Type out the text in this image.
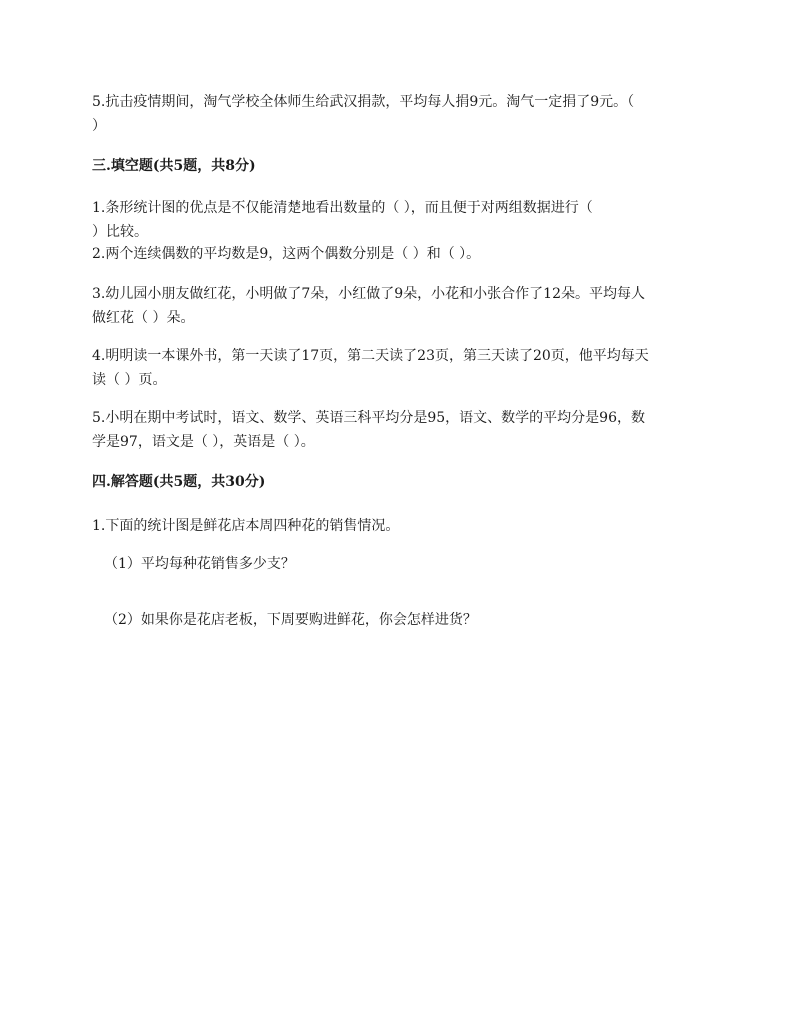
5.抗击疫情期间，淘气学校全体师生给武汉捐款，平均每人捐9元。淘气一定捐了9元。（
）

三.填空题(共5题，共8分)

1.条形统计图的优点是不仅能清楚地看出数量的（ ），而且便于对两组数据进行（
）比较。

2.两个连续偶数的平均数是9，这两个偶数分别是（ ）和（ ）。

3.幼儿园小朋友做红花，小明做了7朵，小红做了9朵，小花和小张合作了12朵。平均每人
做红花（ ）朵。

4.明明读一本课外书，第一天读了17页，第二天读了23页，第三天读了20页，他平均每天
读（ ）页。

5.小明在期中考试时，语文、数学、英语三科平均分是95，语文、数学的平均分是96，数
学是97，语文是（ ），英语是（ ）。

四.解答题(共5题，共30分)

1.下面的统计图是鲜花店本周四种花的销售情况。

（1）平均每种花销售多少支？

（2）如果你是花店老板，下周要购进鲜花，你会怎样进货？
